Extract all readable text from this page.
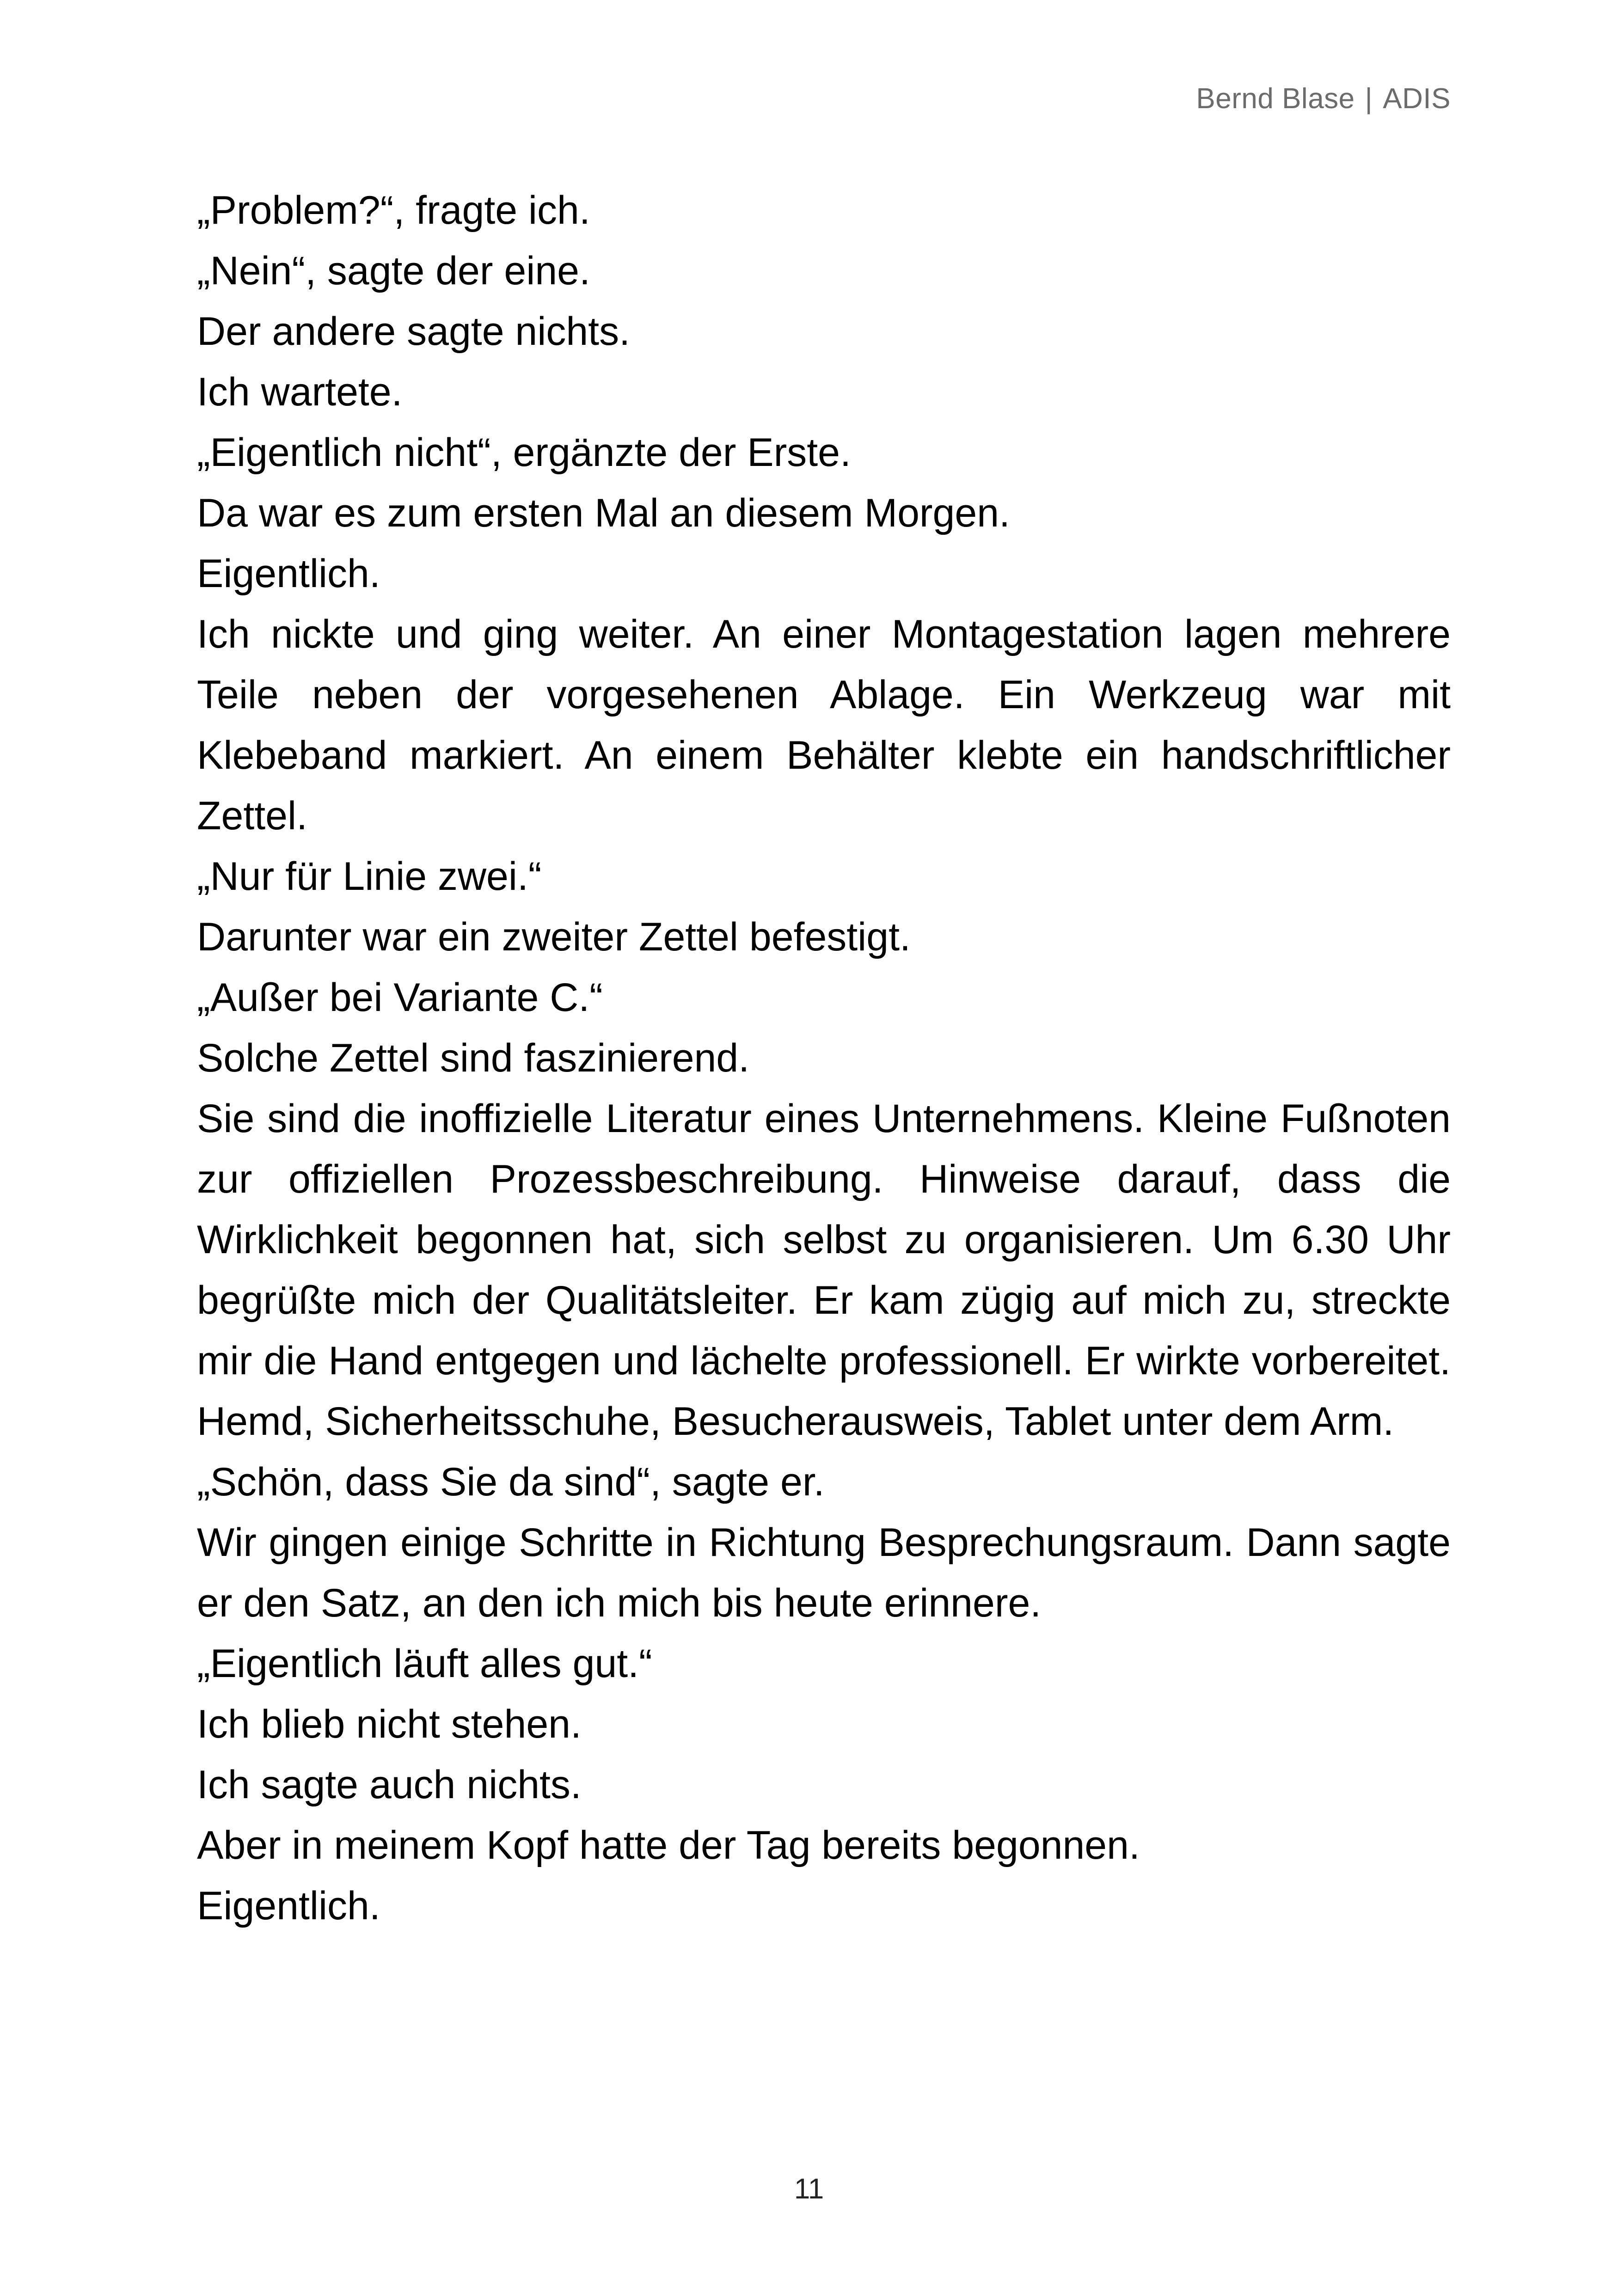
Bernd Blase | ADIS

„Problem?“, fragte ich.

„Nein“, sagte der eine.

Der andere sagte nichts.

Ich wartete.

„Eigentlich nicht“, ergänzte der Erste.

Da war es zum ersten Mal an diesem Morgen.

Eigentlich.

Ich nickte und ging weiter. An einer Montagestation lagen mehrere Teile neben der vorgesehenen Ablage. Ein Werkzeug war mit Klebeband markiert. An einem Behälter klebte ein handschriftlicher Zettel.

„Nur für Linie zwei.“

Darunter war ein zweiter Zettel befestigt.

„Außer bei Variante C.“

Solche Zettel sind faszinierend.

Sie sind die inoffizielle Literatur eines Unternehmens. Kleine Fußnoten zur offiziellen Prozessbeschreibung. Hinweise darauf, dass die Wirklichkeit begonnen hat, sich selbst zu organisieren. Um 6.30 Uhr begrüßte mich der Qualitätsleiter. Er kam zügig auf mich zu, streckte mir die Hand entgegen und lächelte professionell. Er wirkte vorbereitet. Hemd, Sicherheitsschuhe, Besucherausweis, Tablet unter dem Arm.

„Schön, dass Sie da sind“, sagte er.

Wir gingen einige Schritte in Richtung Besprechungsraum. Dann sagte er den Satz, an den ich mich bis heute erinnere.

„Eigentlich läuft alles gut.“

Ich blieb nicht stehen.

Ich sagte auch nichts.

Aber in meinem Kopf hatte der Tag bereits begonnen.

Eigentlich.

11
